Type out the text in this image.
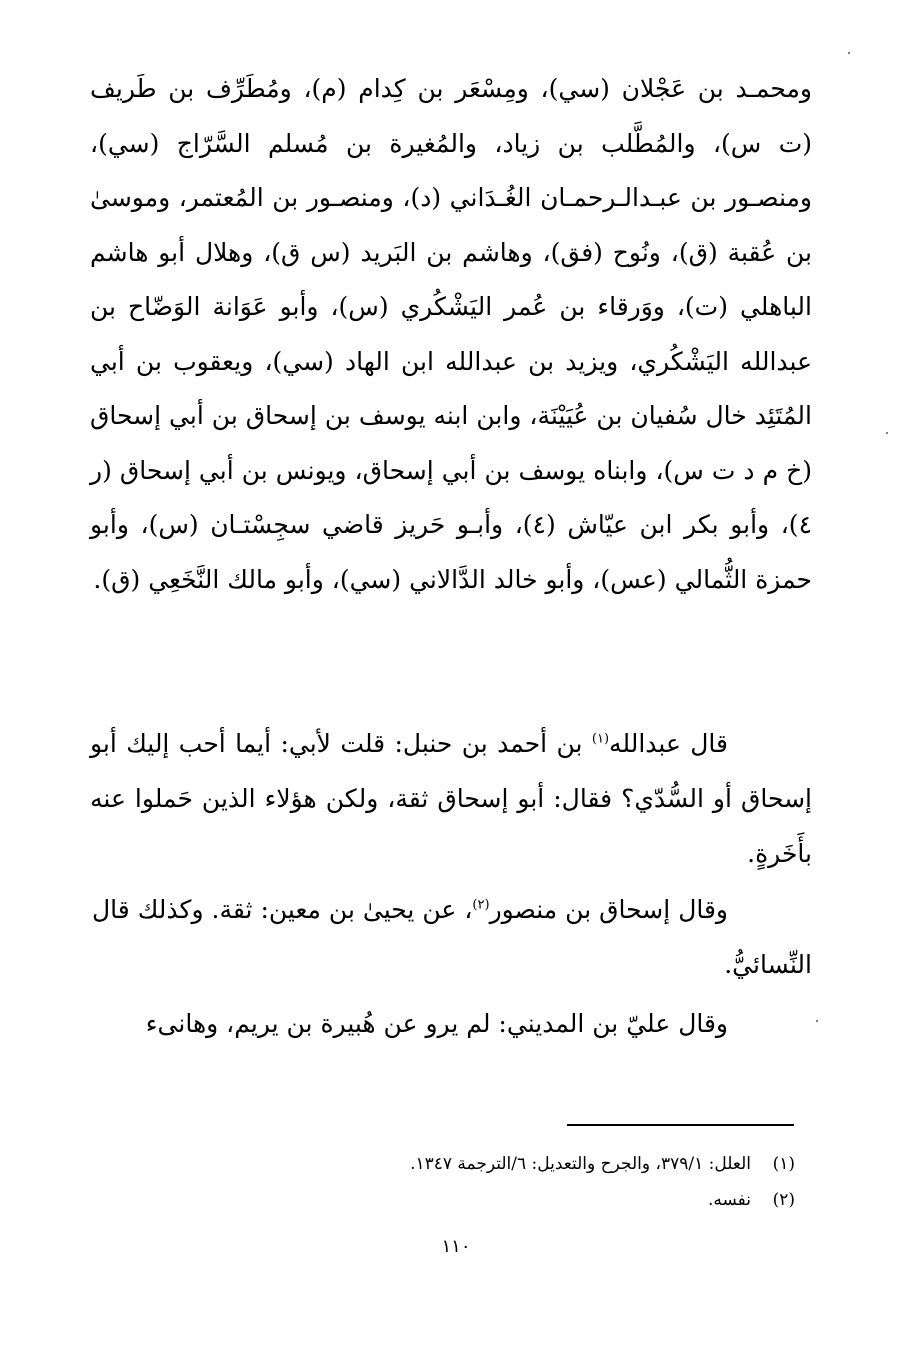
ومحمـد بن عَجْلان (سي)، ومِسْعَر بن كِدام (م)، ومُطَرِّف بن طَريف (ت س)، والمُطَّلب بن زياد، والمُغيرة بن مُسلم السَّرّاج (سي)، ومنصـور بن عبـدالـرحمـان الغُـدَاني (د)، ومنصـور بن المُعتمر، وموسىٰ بن عُقبة (ق)، ونُوح (فق)، وهاشم بن البَريد (س ق)، وهلال أبو هاشم الباهلي (ت)، ووَرقاء بن عُمر اليَشْكُري (س)، وأبو عَوَانة الوَضّاح بن عبدالله اليَشْكُري، ويزيد بن عبدالله ابن الهاد (سي)، ويعقوب بن أبي المُتَئِد خال سُفيان بن عُيَيْنَة، وابن ابنه يوسف بن إسحاق بن أبي إسحاق (خ م د ت س)، وابناه يوسف بن أبي إسحاق، ويونس بن أبي إسحاق (ر ٤)، وأبو بكر ابن عيّاش (٤)، وأبـو حَريز قاضي سجِسْتـان (س)، وأبو حمزة الثُّمالي (عس)، وأبو خالد الدَّالاني (سي)، وأبو مالك النَّخَعِي (ق).

قال عبدالله$^{(١)}$ بن أحمد بن حنبل: قلت لأبي: أيما أحب إليك أبو إسحاق أو السُّدّي؟ فقال: أبو إسحاق ثقة، ولكن هؤلاء الذين حَملوا عنه بأَخَرةٍ.

وقال إسحاق بن منصور$^{(٢)}$، عن يحيىٰ بن معين: ثقة. وكذلك قال النِّسائيُّ.

وقال عليّ بن المديني: لم يرو عن هُبيرة بن يريم، وهانىء

(١)
العلل: ٣٧٩/١، والجرح والتعديل: ٦/الترجمة ١٣٤٧.
(٢)
نفسه.
١١٠
